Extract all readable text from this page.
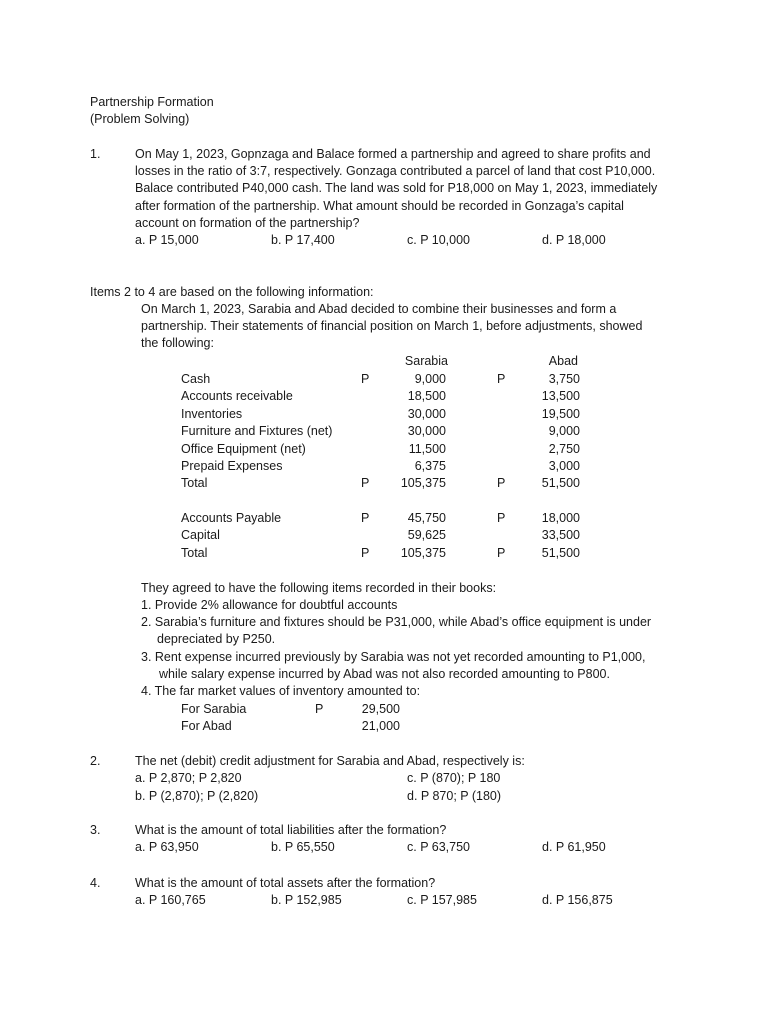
Partnership Formation
(Problem Solving)
1.	On May 1, 2023, Gopnzaga and Balace formed a partnership and agreed to share profits and
losses in the ratio of 3:7, respectively. Gonzaga contributed a parcel of land that cost P10,000.
Balace contributed P40,000 cash. The land was sold for P18,000 on May 1, 2023, immediately
after formation of the partnership. What amount should be recorded in Gonzaga’s capital
account on formation of the partnership?
a. P 15,000	b. P 17,400	c. P 10,000	d. P 18,000
Items 2 to 4 are based on the following information:
On March 1, 2023, Sarabia and Abad decided to combine their businesses and form a
partnership. Their statements of financial position on March 1, before adjustments, showed
the following:
Sarabia	Abad
Cash	P	9,000	P	3,750
Accounts receivable	18,500	13,500
Inventories	30,000	19,500
Furniture and Fixtures (net)	30,000	9,000
Office Equipment (net)	11,500	2,750
Prepaid Expenses	6,375	3,000
Total	P	105,375	P	51,500
Accounts Payable	P	45,750	P	18,000
Capital	59,625	33,500
Total	P	105,375	P	51,500
They agreed to have the following items recorded in their books:
1. Provide 2% allowance for doubtful accounts
2. Sarabia’s furniture and fixtures should be P31,000, while Abad’s office equipment is under
depreciated by P250.
3. Rent expense incurred previously by Sarabia was not yet recorded amounting to P1,000,
while salary expense incurred by Abad was not also recorded amounting to P800.
4. The far market values of inventory amounted to:
For Sarabia	P	29,500
For Abad	21,000
2.	The net (debit) credit adjustment for Sarabia and Abad, respectively is:
a. P 2,870; P 2,820	c. P (870); P 180
b. P (2,870); P (2,820)	d. P 870; P (180)
3.	What is the amount of total liabilities after the formation?
a. P 63,950	b. P 65,550	c. P 63,750	d. P 61,950
4.	What is the amount of total assets after the formation?
a. P 160,765	b. P 152,985	c. P 157,985	d. P 156,875
